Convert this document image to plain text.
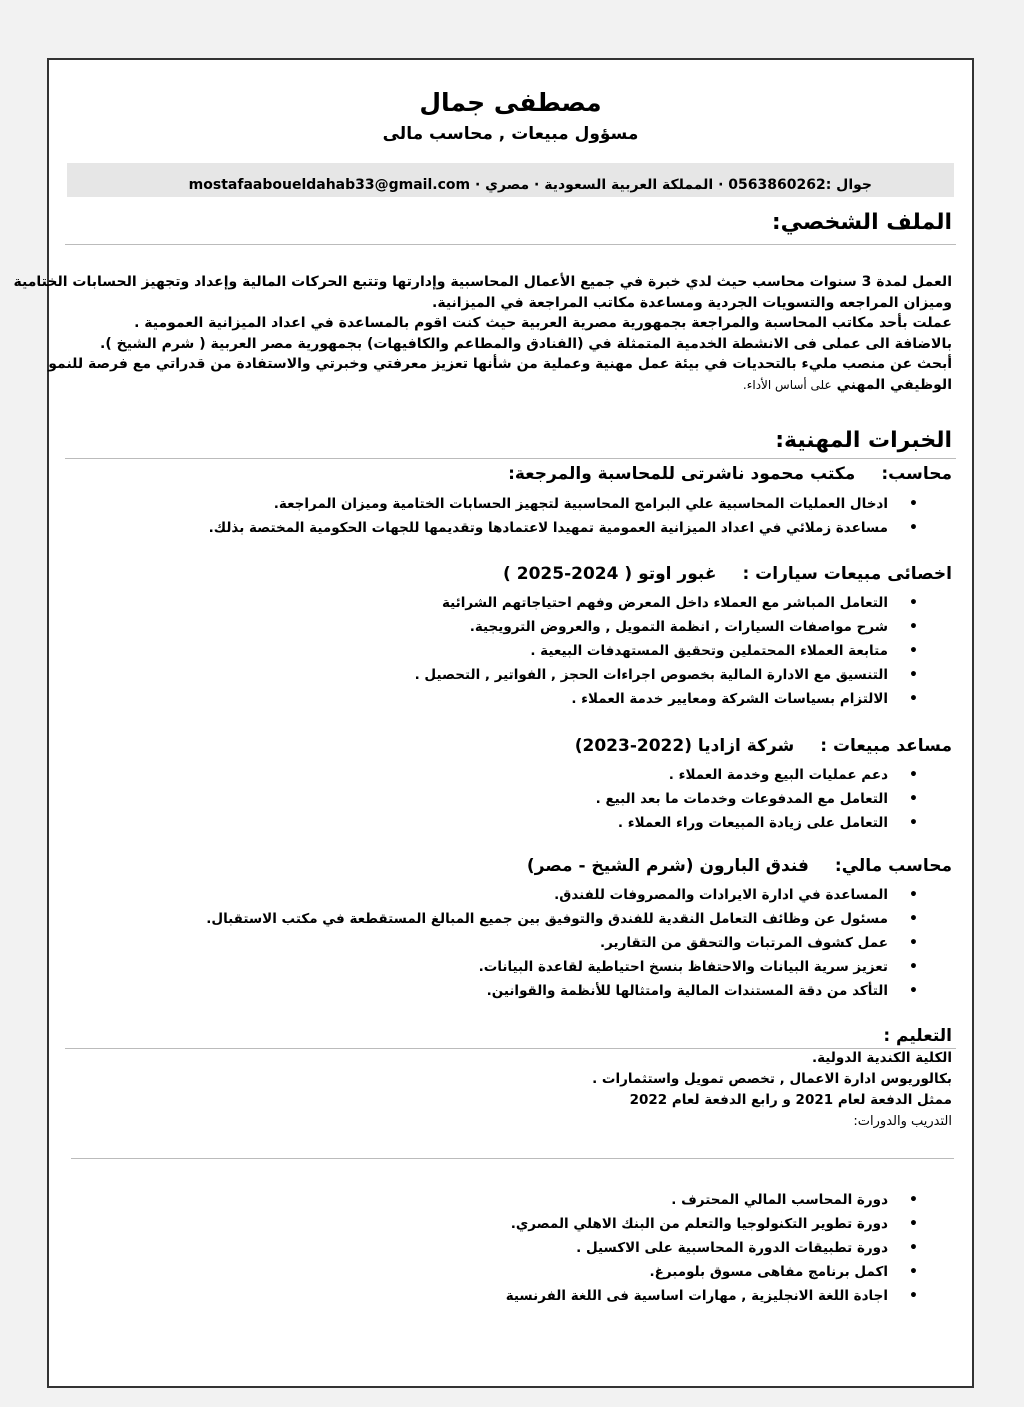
مصطفى جمال
مسؤول مبيعات , محاسب مالى
جوال :0563860262 · المملكة العربية السعودية · مصري · mostafaaboueldahab33@gmail.com
الملف الشخصي:
العمل لمدة 3 سنوات محاسب حيث لدي خبرة في جميع الأعمال المحاسبية وإدارتها وتتبع الحركات المالية وإعداد وتجهيز الحسابات الختامية
وميزان المراجعه والتسويات الجردية ومساعدة مكاتب المراجعة في الميزانية.
عملت بأحد مكاتب المحاسبة والمراجعة بجمهورية مصرية العربية حيث كنت اقوم بالمساعدة في اعداد الميزانية العمومية .
بالاضافة الى عملى فى الانشطة الخدمية المتمثلة في (الفنادق والمطاعم والكافيهات) بجمهورية مصر العربية ( شرم الشيخ ).
أبحث عن منصب مليء بالتحديات في بيئة عمل مهنية وعملية من شأنها تعزيز معرفتي وخبرتي والاستفادة من قدراتي مع فرصة للنمو
الوظيفي المهني على أساس الأداء.
الخبرات المهنية:
محاسب:مكتب محمود ناشرتى للمحاسبة والمرجعة:
• ادخال العمليات المحاسبية علي البرامج المحاسبية لتجهيز الحسابات الختامية وميزان المراجعة.
• مساعدة زملائي في اعداد الميزانية العمومية تمهيدا لاعتمادها وتقديمها للجهات الحكومية المختصة بذلك.
اخصائى مبيعات سيارات :غبور اوتو ( 2024-2025 )
• التعامل المباشر مع العملاء داخل المعرض وفهم احتياجاتهم الشرائية
• شرح مواصفات السيارات , انظمة التمويل , والعروض الترويجية.
• متابعة العملاء المحتملين وتحقيق المستهدفات البيعية .
• التنسيق مع الادارة المالية بخصوص اجراءات الحجز , الفواتير , التحصيل .
• الالتزام بسياسات الشركة ومعايير خدمة العملاء .
مساعد مبيعات :شركة ازاديا (2022-2023)
• دعم عمليات البيع وخدمة العملاء .
• التعامل مع المدفوعات وخدمات ما بعد البيع .
• التعامل على زيادة المبيعات وراء العملاء .
محاسب مالي:فندق البارون (شرم الشيخ - مصر)
• المساعدة في ادارة الايرادات والمصروفات للفندق.
• مسئول عن وظائف التعامل النقدية للفندق والتوفيق بين جميع المبالغ المستقطعة في مكتب الاستقبال.
• عمل كشوف المرتبات والتحقق من التقارير.
• تعزيز سرية البيانات والاحتفاظ بنسخ احتياطية لقاعدة البيانات.
• التأكد من دقة المستندات المالية وامتثالها للأنظمة والقوانين.
التعليم :
الكلية الكندية الدولية.
بكالوريوس ادارة الاعمال , تخصص تمويل واستثمارات .
ممثل الدفعة لعام 2021 و رابع الدفعة لعام 2022
التدريب والدورات:
• دورة المحاسب المالي المحترف .
• دورة تطوير التكنولوجيا والتعلم من البنك الاهلي المصري.
• دورة تطبيقات الدورة المحاسبية على الاكسيل .
• اكمل برنامج مفاهى مسوق بلومبرغ.
• اجادة اللغة الانجليزية , مهارات اساسية فى اللغة الفرنسية
